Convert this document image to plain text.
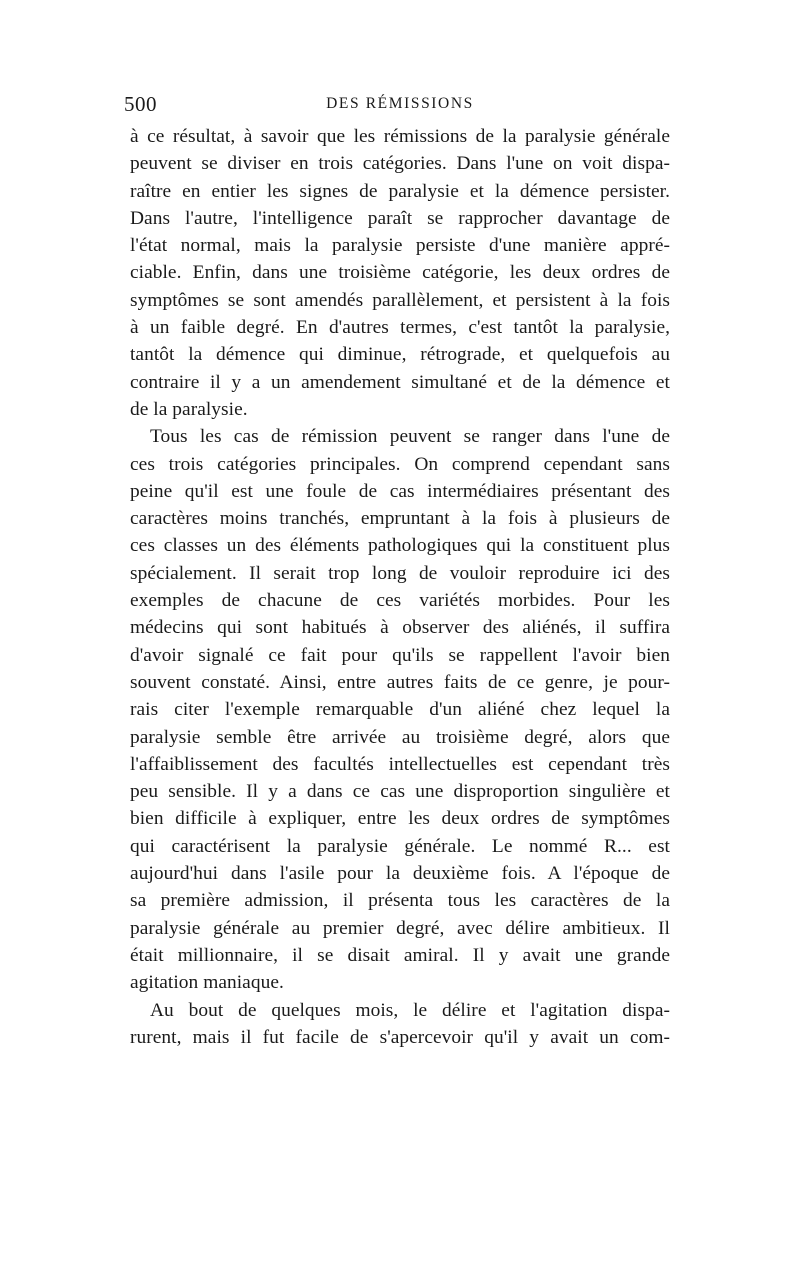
500	DES RÉMISSIONS
à ce résultat, à savoir que les rémissions de la paralysie générale
peuvent se diviser en trois catégories. Dans l'une on voit dispa-
raître en entier les signes de paralysie et la démence persister.
Dans l'autre, l'intelligence paraît se rapprocher davantage de
l'état normal, mais la paralysie persiste d'une manière appré-
ciable. Enfin, dans une troisième catégorie, les deux ordres de
symptômes se sont amendés parallèlement, et persistent à la fois
à un faible degré. En d'autres termes, c'est tantôt la paralysie,
tantôt la démence qui diminue, rétrograde, et quelquefois au
contraire il y a un amendement simultané et de la démence et
de la paralysie.
Tous les cas de rémission peuvent se ranger dans l'une de
ces trois catégories principales. On comprend cependant sans
peine qu'il est une foule de cas intermédiaires présentant des
caractères moins tranchés, empruntant à la fois à plusieurs de
ces classes un des éléments pathologiques qui la constituent plus
spécialement. Il serait trop long de vouloir reproduire ici des
exemples de chacune de ces variétés morbides. Pour les
médecins qui sont habitués à observer des aliénés, il suffira
d'avoir signalé ce fait pour qu'ils se rappellent l'avoir bien
souvent constaté. Ainsi, entre autres faits de ce genre, je pour-
rais citer l'exemple remarquable d'un aliéné chez lequel la
paralysie semble être arrivée au troisième degré, alors que
l'affaiblissement des facultés intellectuelles est cependant très
peu sensible. Il y a dans ce cas une disproportion singulière et
bien difficile à expliquer, entre les deux ordres de symptômes
qui caractérisent la paralysie générale. Le nommé R... est
aujourd'hui dans l'asile pour la deuxième fois. A l'époque de
sa première admission, il présenta tous les caractères de la
paralysie générale au premier degré, avec délire ambitieux. Il
était millionnaire, il se disait amiral. Il y avait une grande
agitation maniaque.
Au bout de quelques mois, le délire et l'agitation dispa-
rurent, mais il fut facile de s'apercevoir qu'il y avait un com-
